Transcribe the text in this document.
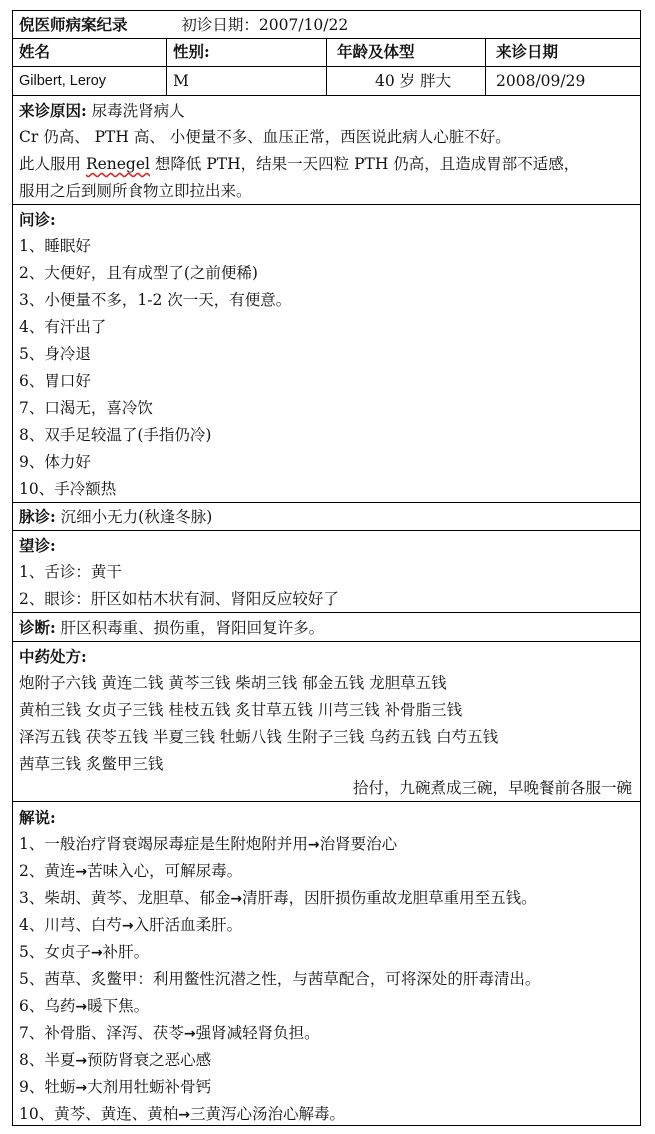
倪医师病案纪录	初诊日期：2007/10/22
姓名	性别:	年龄及体型	来诊日期
Gilbert, Leroy	M	40 岁 胖大	2008/09/29
来诊原因: 尿毒洗肾病人
Cr 仍高、 PTH 高、 小便量不多、血压正常，西医说此病人心脏不好。
此人服用 Renegel 想降低 PTH，结果一天四粒 PTH 仍高，且造成胃部不适感，
服用之后到厕所食物立即拉出来。
问诊:
1、睡眠好
2、大便好，且有成型了(之前便稀)
3、小便量不多，1-2 次一天，有便意。
4、有汗出了
5、身冷退
6、胃口好
7、口渴无，喜冷饮
8、双手足较温了(手指仍冷)
9、体力好
10、手冷额热
脉诊: 沉细小无力(秋逢冬脉)
望诊:
1、舌诊：黄干
2、眼诊：肝区如枯木状有洞、肾阳反应较好了
诊断: 肝区积毒重、损伤重，肾阳回复许多。
中药处方:
炮附子六钱 黄连二钱 黄芩三钱 柴胡三钱 郁金五钱 龙胆草五钱
黄柏三钱 女贞子三钱 桂枝五钱 炙甘草五钱 川芎三钱 补骨脂三钱
泽泻五钱 茯苓五钱 半夏三钱 牡蛎八钱 生附子三钱 乌药五钱 白芍五钱
茜草三钱 炙鳖甲三钱
拾付，九碗煮成三碗，早晚餐前各服一碗
解说:
1、一般治疗肾衰竭尿毒症是生附炮附并用→治肾要治心
2、黄连→苦味入心，可解尿毒。
3、柴胡、黄芩、龙胆草、郁金→清肝毒，因肝损伤重故龙胆草重用至五钱。
4、川芎、白芍→入肝活血柔肝。
5、女贞子→补肝。
5、茜草、炙鳖甲：利用鳖性沉潜之性，与茜草配合，可将深处的肝毒清出。
6、乌药→暖下焦。
7、补骨脂、泽泻、茯苓→强肾减轻肾负担。
8、半夏→预防肾衰之恶心感
9、牡蛎→大剂用牡蛎补骨钙
10、黄芩、黄连、黄柏→三黄泻心汤治心解毒。
